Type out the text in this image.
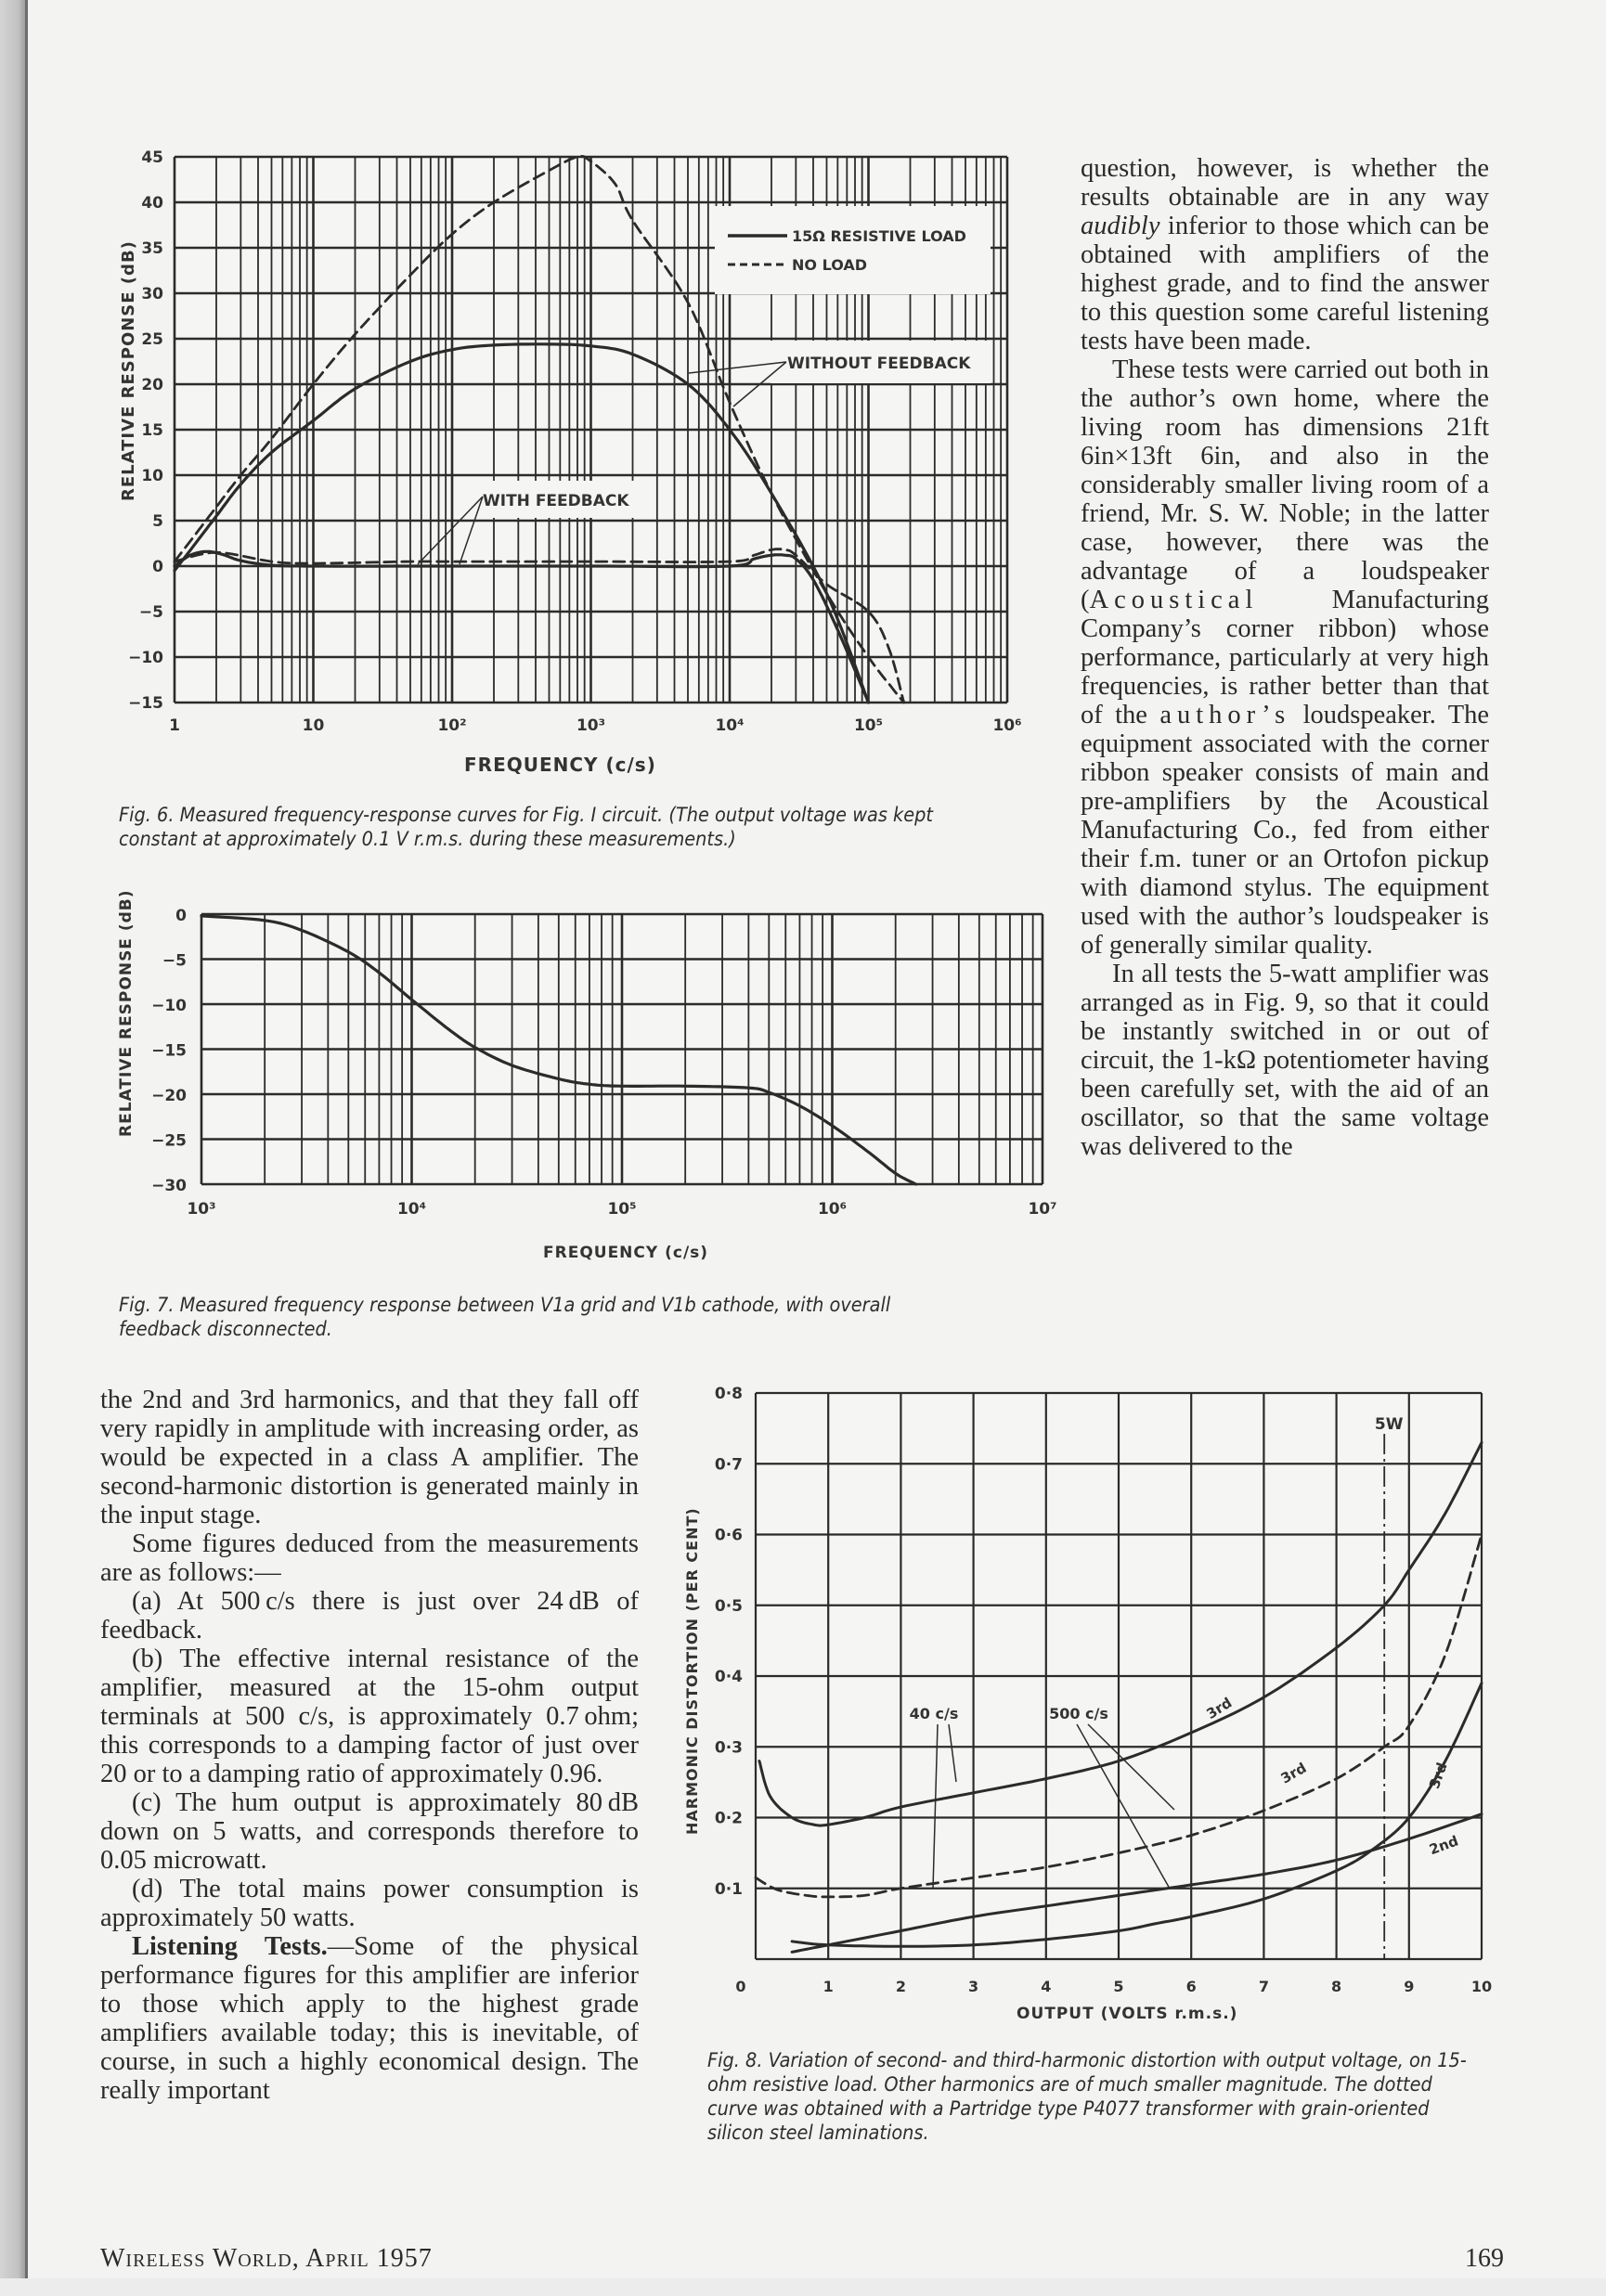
45
40
35
30
25
20
15
10
5
0
−5
−10
−15
1	10	10²	10³	10⁴	10⁵	10⁶
15Ω RESISTIVE LOAD
NO LOAD
WITHOUT FEEDBACK
WITH FEEDBACK
0
−5
−10
−15
−20
−25
−30
10³	10⁴	10⁵	10⁶	10⁷
0·8
0·7
0·6
0·5
0·4
0·3
0·2
0·1
0	1	2	3	4	5	6	7	8	9	10
5W
40 c/s	500 c/s	3rd
3rd	3rd
2nd
RELATIVE RESPONSE (dB)
FREQUENCY (c/s)
RELATIVE RESPONSE (dB)
FREQUENCY (c/s)
HARMONIC DISTORTION (PER CENT)
OUTPUT (VOLTS r.m.s.)
Fig. 6. Measured frequency-response curves for Fig. I circuit. (The output voltage was kept constant at approximately 0.1 V r.m.s. during these measurements.)
Fig. 7. Measured frequency response between V1a grid and V1b cathode, with overall feedback disconnected.
Fig. 8. Variation of second- and third-harmonic distortion with output voltage, on 15-ohm resistive load. Other harmonics are of much smaller magnitude. The dotted curve was obtained with a Partridge type P4077 transformer with grain-oriented silicon steel laminations.

question, however, is whether the results obtainable are in any way audibly inferior to those which can be obtained with amplifiers of the highest grade, and to find the answer to this question some careful listening tests have been made.

These tests were carried out both in the author’s own home, where the living room has dimensions 21ft 6in×13ft 6in, and also in the considerably smaller living room of a friend, Mr. S. W. Noble; in the latter case, however, there was the advantage of a loudspeaker (Acoustical Manufacturing Company’s corner ribbon) whose performance, particularly at very high frequencies, is rather better than that of the author’s loudspeaker. The equipment associated with the corner ribbon speaker consists of main and pre-amplifiers by the Acoustical Manufacturing Co., fed from either their f.m. tuner or an Ortofon pickup with diamond stylus. The equipment used with the author’s loudspeaker is of generally similar quality.

In all tests the 5-watt amplifier was arranged as in Fig. 9, so that it could be instantly switched in or out of circuit, the 1-kΩ potentiometer having been carefully set, with the aid of an oscillator, so that the same voltage was delivered to the

the 2nd and 3rd harmonics, and that they fall off very rapidly in amplitude with increasing order, as would be expected in a class A amplifier. The second-harmonic distortion is generated mainly in the input stage.

Some figures deduced from the measurements are as follows:—

(a) At 500 c/s there is just over 24 dB of feedback.

(b) The effective internal resistance of the amplifier, measured at the 15-ohm output terminals at 500 c/s, is approximately 0.7 ohm; this corresponds to a damping factor of just over 20 or to a damping ratio of approximately 0.96.

(c) The hum output is approximately 80 dB down on 5 watts, and corresponds therefore to 0.05 microwatt.

(d) The total mains power consumption is approximately 50 watts.

Listening Tests.—Some of the physical performance figures for this amplifier are inferior to those which apply to the highest grade amplifiers available today; this is inevitable, of course, in such a highly economical design. The really important

Wireless World, April 1957	169
